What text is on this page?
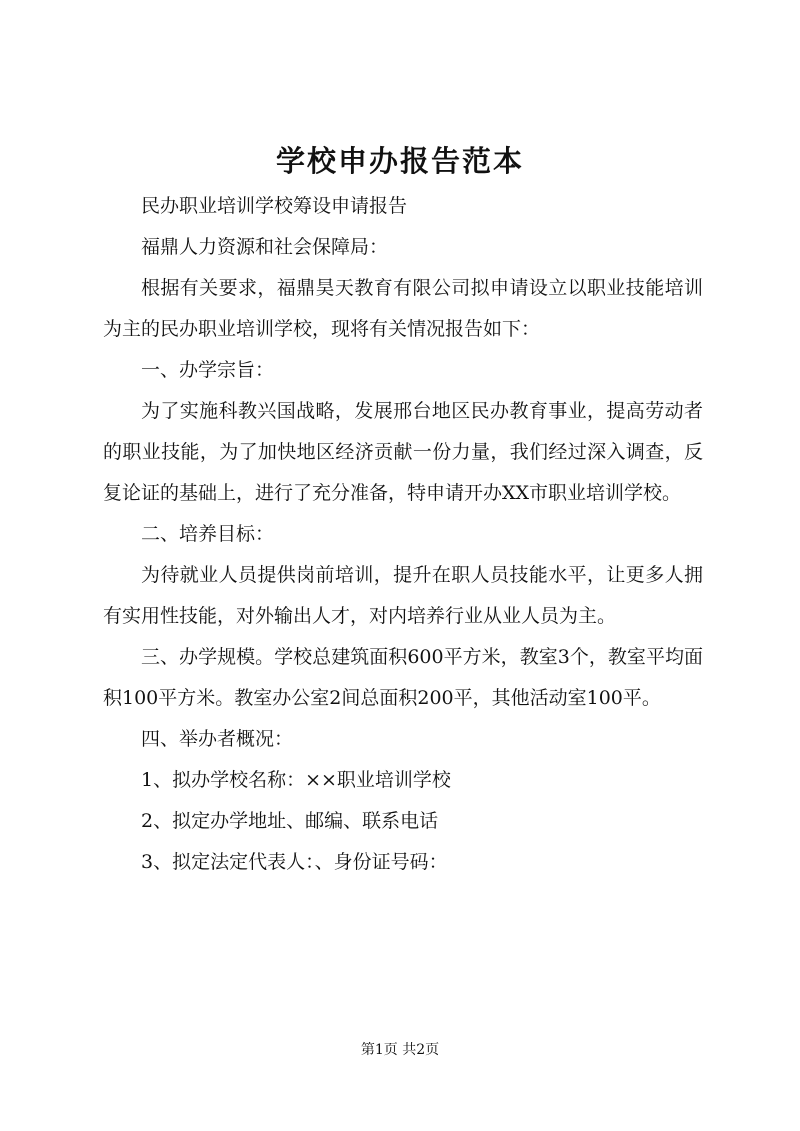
学校申办报告范本

民办职业培训学校筹设申请报告

福鼎人力资源和社会保障局：

根据有关要求，福鼎昊天教育有限公司拟申请设立以职业技能培训为主的民办职业培训学校，现将有关情况报告如下：

一、办学宗旨：

为了实施科教兴国战略，发展邢台地区民办教育事业，提高劳动者的职业技能，为了加快地区经济贡献一份力量，我们经过深入调查，反复论证的基础上，进行了充分准备，特申请开办XX市职业培训学校。

二、培养目标：

为待就业人员提供岗前培训，提升在职人员技能水平，让更多人拥有实用性技能，对外输出人才，对内培养行业从业人员为主。

三、办学规模。学校总建筑面积600平方米，教室3个，教室平均面积100平方米。教室办公室2间总面积200平，其他活动室100平。

四、举办者概况：

1、拟办学校名称：××职业培训学校

2、拟定办学地址、邮编、联系电话

3、拟定法定代表人：、身份证号码：

第1页 共2页
